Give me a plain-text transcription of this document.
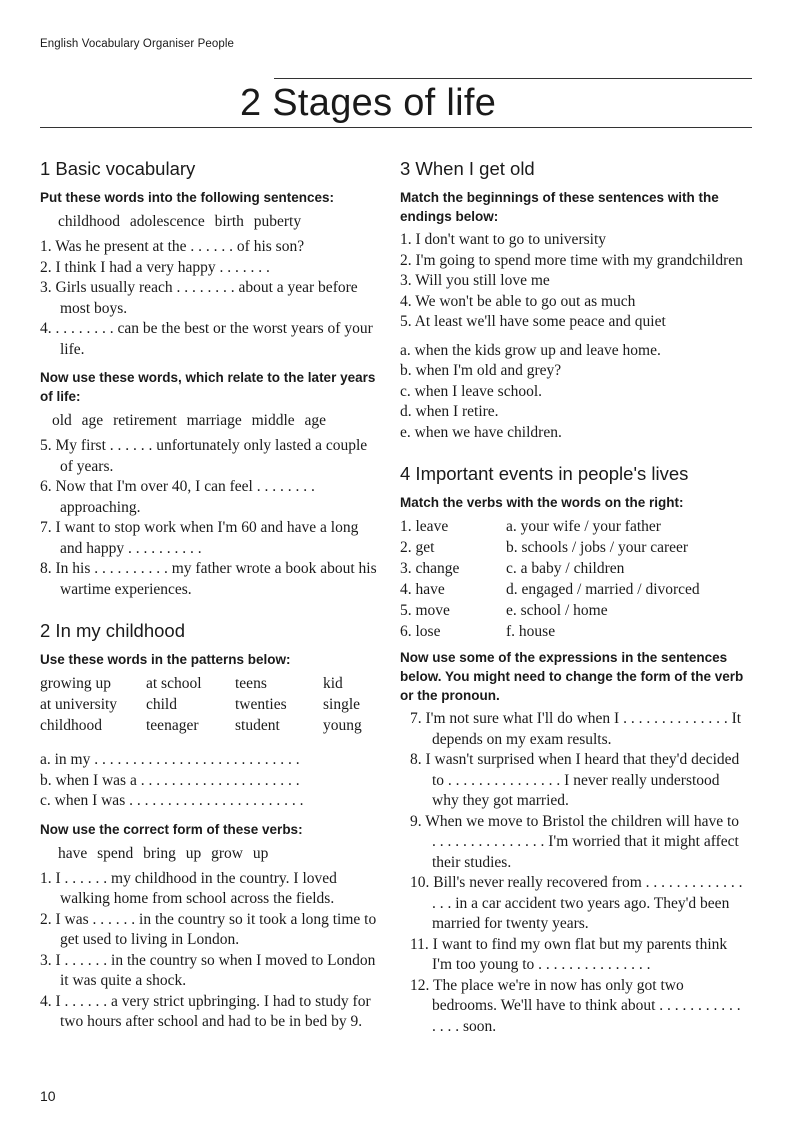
English Vocabulary Organiser People
2 Stages of life
1 Basic vocabulary

Put these words into the following sentences:

childhood adolescence birth puberty

1. Was he present at the . . . . . . of his son?

2. I think I had a very happy . . . . . . .

3. Girls usually reach . . . . . . . . about a year before most boys.

4. . . . . . . . . can be the best or the worst years of your life.

Now use these words, which relate to the later years of life:

old age retirement marriage middle age

5. My first . . . . . . unfortunately only lasted a couple of years.

6. Now that I'm over 40, I can feel . . . . . . . . approaching.

7. I want to stop work when I'm 60 and have a long and happy . . . . . . . . . .

8. In his . . . . . . . . . . my father wrote a book about his wartime experiences.

2 In my childhood

Use these words in the patterns below:

growing up	at school	teens	kid
at university	child	twenties	single
childhood	teenager	student	young

a. in my . . . . . . . . . . . . . . . . . . . . . . . . . . .

b. when I was a . . . . . . . . . . . . . . . . . . . . .

c. when I was . . . . . . . . . . . . . . . . . . . . . . .

Now use the correct form of these verbs:

have spend bring up grow up

1. I . . . . . . my childhood in the country. I loved walking home from school across the fields.

2. I was . . . . . . in the country so it took a long time to get used to living in London.

3. I . . . . . . in the country so when I moved to London it was quite a shock.

4. I . . . . . . a very strict upbringing. I had to study for two hours after school and had to be in bed by 9.

3 When I get old

Match the beginnings of these sentences with the endings below:

1. I don't want to go to university

2. I'm going to spend more time with my grandchildren

3. Will you still love me

4. We won't be able to go out as much

5. At least we'll have some peace and quiet

a. when the kids grow up and leave home.

b. when I'm old and grey?

c. when I leave school.

d. when I retire.

e. when we have children.

4 Important events in people's lives

Match the verbs with the words on the right:

1. leave	a. your wife / your father
2. get	b. schools / jobs / your career
3. change	c. a baby / children
4. have	d. engaged / married / divorced
5. move	e. school / home
6. lose	f. house

Now use some of the expressions in the sentences below. You might need to change the form of the verb or the pronoun.

7. I'm not sure what I'll do when I . . . . . . . . . . . . . . It depends on my exam results.

8. I wasn't surprised when I heard that they'd decided to . . . . . . . . . . . . . . . I never really understood why they got married.

9. When we move to Bristol the children will have to . . . . . . . . . . . . . . . I'm worried that it might affect their studies.

10. Bill's never really recovered from . . . . . . . . . . . . . . . . in a car accident two years ago. They'd been married for twenty years.

11. I want to find my own flat but my parents think I'm too young to . . . . . . . . . . . . . . .

12. The place we're in now has only got two bedrooms. We'll have to think about . . . . . . . . . . . . . . . soon.

10
